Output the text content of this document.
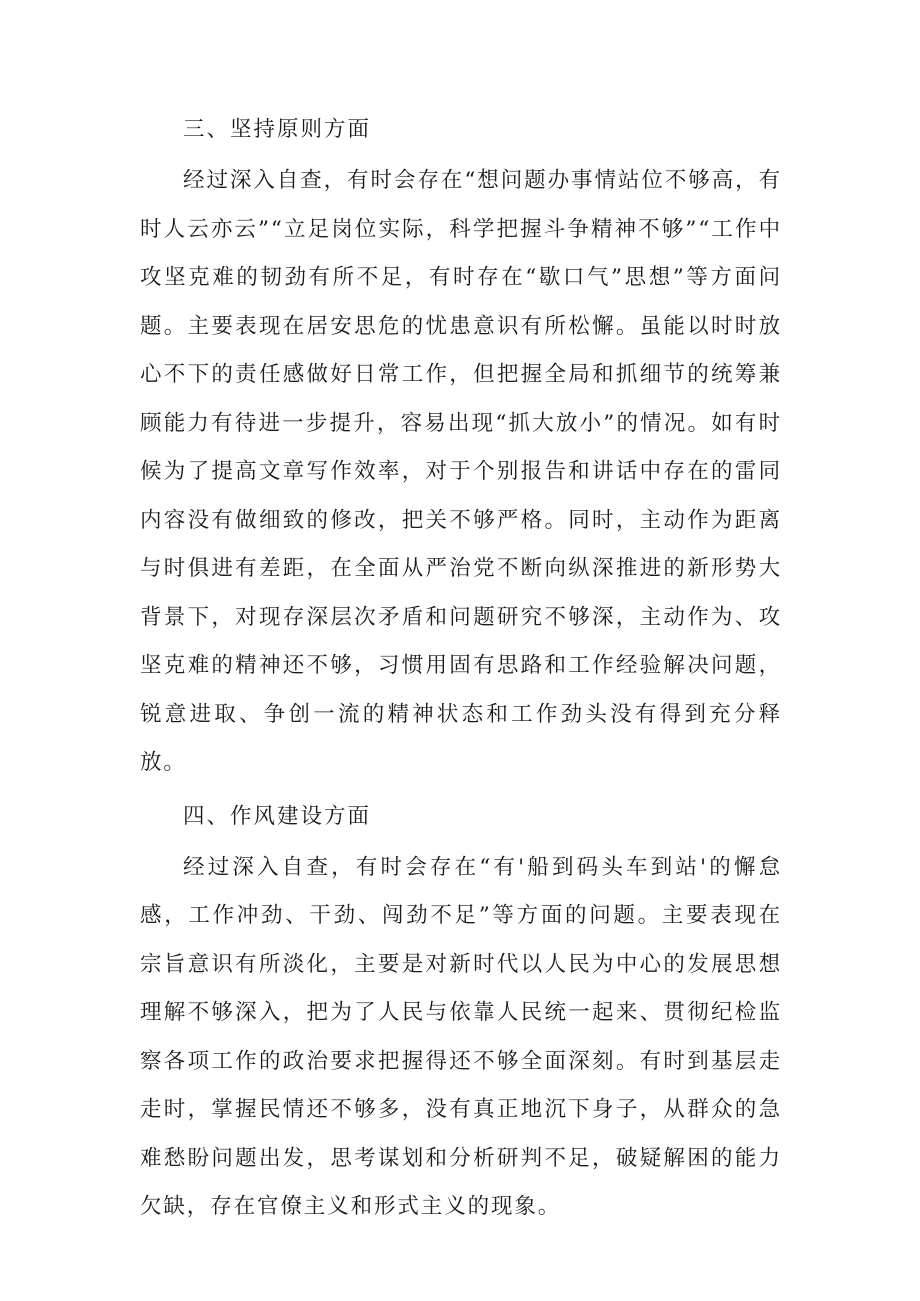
三、坚持原则方面

经过深入自查，有时会存在“想问题办事情站位不够高，有时人云亦云”“立足岗位实际，科学把握斗争精神不够”“工作中攻坚克难的韧劲有所不足，有时存在“歇口气”思想”等方面问题。主要表现在居安思危的忧患意识有所松懈。虽能以时时放心不下的责任感做好日常工作，但把握全局和抓细节的统筹兼顾能力有待进一步提升，容易出现“抓大放小”的情况。如有时候为了提高文章写作效率，对于个别报告和讲话中存在的雷同内容没有做细致的修改，把关不够严格。同时，主动作为距离与时俱进有差距，在全面从严治党不断向纵深推进的新形势大背景下，对现存深层次矛盾和问题研究不够深，主动作为、攻坚克难的精神还不够，习惯用固有思路和工作经验解决问题，锐意进取、争创一流的精神状态和工作劲头没有得到充分释放。

四、作风建设方面

经过深入自查，有时会存在“有'船到码头车到站'的懈怠感，工作冲劲、干劲、闯劲不足”等方面的问题。主要表现在宗旨意识有所淡化，主要是对新时代以人民为中心的发展思想理解不够深入，把为了人民与依靠人民统一起来、贯彻纪检监察各项工作的政治要求把握得还不够全面深刻。有时到基层走走时，掌握民情还不够多，没有真正地沉下身子，从群众的急难愁盼问题出发，思考谋划和分析研判不足，破疑解困的能力欠缺，存在官僚主义和形式主义的现象。
